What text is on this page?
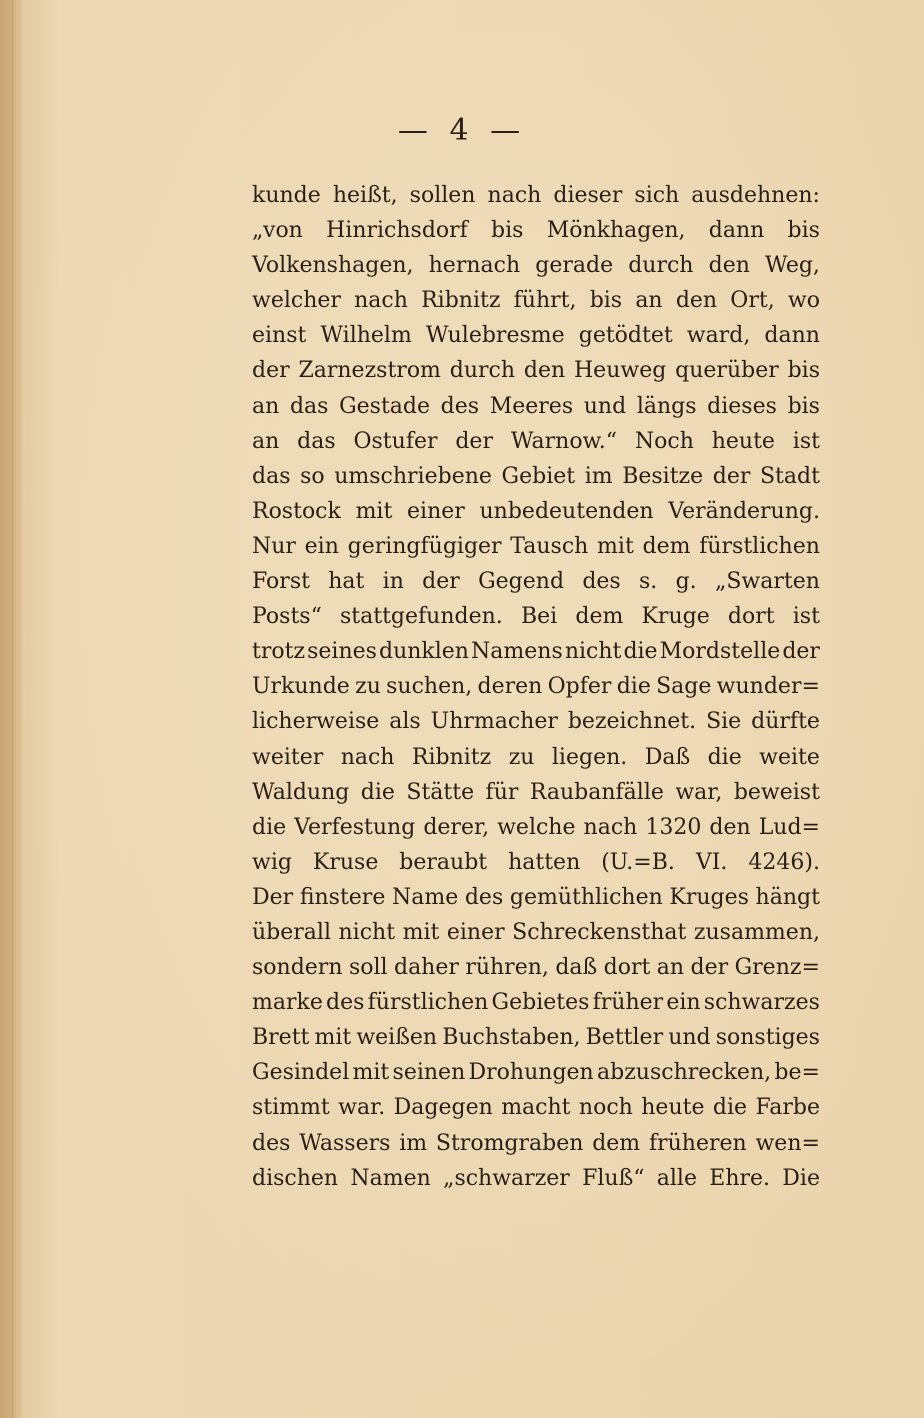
— 4 —
kunde heißt, sollen nach dieser sich ausdehnen:
„von Hinrichsdorf bis Mönkhagen, dann bis
Volkenshagen, hernach gerade durch den Weg,
welcher nach Ribnitz führt, bis an den Ort, wo
einst Wilhelm Wulebresme getödtet ward, dann
der Zarnezstrom durch den Heuweg querüber bis
an das Gestade des Meeres und längs dieses bis
an das Ostufer der Warnow.“ Noch heute ist
das so umschriebene Gebiet im Besitze der Stadt
Rostock mit einer unbedeutenden Veränderung.
Nur ein geringfügiger Tausch mit dem fürstlichen
Forst hat in der Gegend des s. g. „Swarten
Posts“ stattgefunden. Bei dem Kruge dort ist
trotz seines dunklen Namens nicht die Mordstelle der
Urkunde zu suchen, deren Opfer die Sage wunder=
licherweise als Uhrmacher bezeichnet. Sie dürfte
weiter nach Ribnitz zu liegen. Daß die weite
Waldung die Stätte für Raubanfälle war, beweist
die Verfestung derer, welche nach 1320 den Lud=
wig Kruse beraubt hatten (U.=B. VI. 4246).
Der finstere Name des gemüthlichen Kruges hängt
überall nicht mit einer Schreckensthat zusammen,
sondern soll daher rühren, daß dort an der Grenz=
marke des fürstlichen Gebietes früher ein schwarzes
Brett mit weißen Buchstaben, Bettler und sonstiges
Gesindel mit seinen Drohungen abzuschrecken, be=
stimmt war. Dagegen macht noch heute die Farbe
des Wassers im Stromgraben dem früheren wen=
dischen Namen „schwarzer Fluß“ alle Ehre. Die
